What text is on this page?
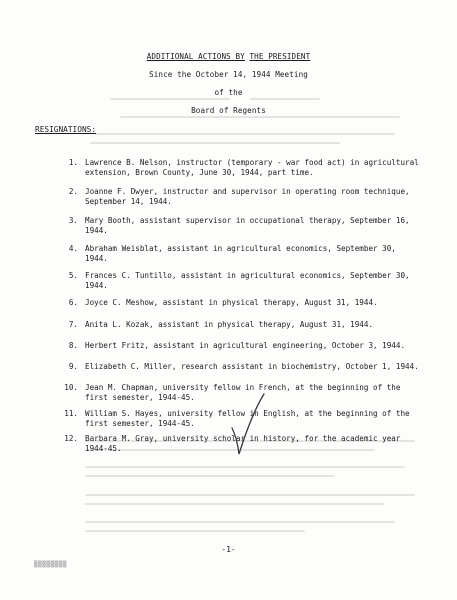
ADDITIONAL ACTIONS BY THE PRESIDENT
Since the October 14, 1944 Meeting
of the
Board of Regents
RESIGNATIONS:
1. Lawrence B. Nelson, instructor (temporary - war food act) in agricultural
extension, Brown County, June 30, 1944, part time.
2. Joanne F. Dwyer, instructor and supervisor in operating room technique,
September 14, 1944.
3. Mary Booth, assistant supervisor in occupational therapy, September 16,
1944.
4. Abraham Weisblat, assistant in agricultural economics, September 30,
1944.
5. Frances C. Tuntillo, assistant in agricultural economics, September 30,
1944.
6. Joyce C. Meshow, assistant in physical therapy, August 31, 1944.
7. Anita L. Kozak, assistant in physical therapy, August 31, 1944.
8. Herbert Fritz, assistant in agricultural engineering, October 3, 1944.
9. Elizabeth C. Miller, research assistant in biochemistry, October 1, 1944.
10. Jean M. Chapman, university fellow in French, at the beginning of the
first semester, 1944-45.
11. William S. Hayes, university fellow in English, at the beginning of the
first semester, 1944-45.
12. Barbara M. Gray, university scholar in history, for the academic year
1944-45.
-1-
▒▒▒▒▒▒▒▒
